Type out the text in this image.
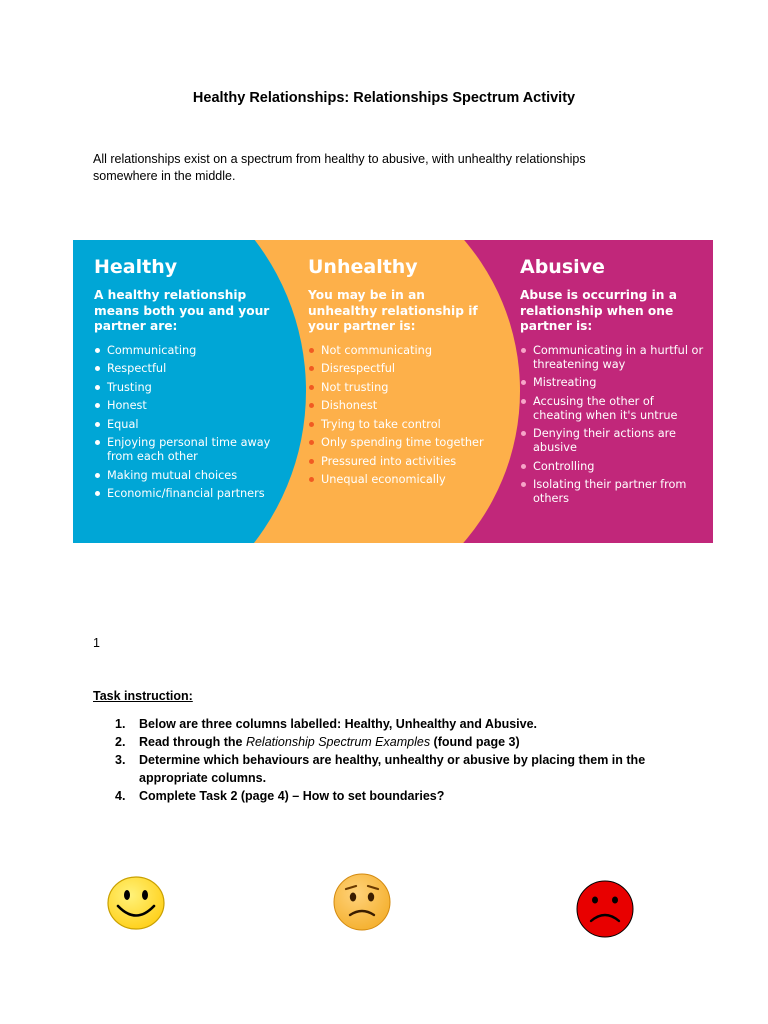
Healthy Relationships: Relationships Spectrum Activity
All relationships exist on a spectrum from healthy to abusive, with unhealthy relationships somewhere in the middle.
Healthy
A healthy relationship means both you and your partner are:
Communicating
Respectful
Trusting
Honest
Equal
Enjoying personal time away from each other
Making mutual choices
Economic/financial partners
Unhealthy
You may be in an unhealthy relationship if your partner is:
Not communicating
Disrespectful
Not trusting
Dishonest
Trying to take control
Only spending time together
Pressured into activities
Unequal economically
Abusive
Abuse is occurring in a relationship when one partner is:
Communicating in a hurtful or threatening way
Mistreating
Accusing the other of cheating when it's untrue
Denying their actions are abusive
Controlling
Isolating their partner from others
1
Task instruction:
1. Below are three columns labelled: Healthy, Unhealthy and Abusive.
2. Read through the Relationship Spectrum Examples (found page 3)
3. Determine which behaviours are healthy, unhealthy or abusive by placing them in the appropriate columns.
4. Complete Task 2 (page 4) – How to set boundaries?
